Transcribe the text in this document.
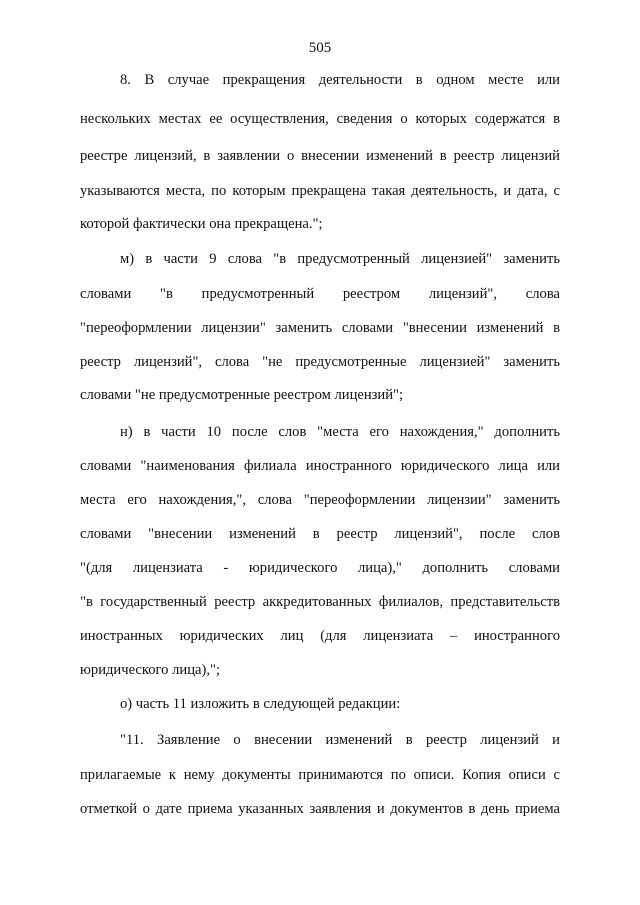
505
8. В случае прекращения деятельности в одном месте или
нескольких местах ее осуществления, сведения о которых содержатся в
реестре лицензий, в заявлении о внесении изменений в реестр лицензий
указываются места, по которым прекращена такая деятельность, и дата, с
которой фактически она прекращена.";
м) в части 9 слова "в предусмотренный лицензией" заменить
словами "в предусмотренный реестром лицензий", слова
"переоформлении лицензии" заменить словами "внесении изменений в
реестр лицензий", слова "не предусмотренные лицензией" заменить
словами "не предусмотренные реестром лицензий";
н) в части 10 после слов "места его нахождения," дополнить
словами "наименования филиала иностранного юридического лица или
места его нахождения,", слова "переоформлении лицензии" заменить
словами "внесении изменений в реестр лицензий", после слов
"(для лицензиата - юридического лица)," дополнить словами
"в государственный реестр аккредитованных филиалов, представительств
иностранных юридических лиц (для лицензиата – иностранного
юридического лица),";
о) часть 11 изложить в следующей редакции:
"11. Заявление о внесении изменений в реестр лицензий и
прилагаемые к нему документы принимаются по описи. Копия описи с
отметкой о дате приема указанных заявления и документов в день приема
